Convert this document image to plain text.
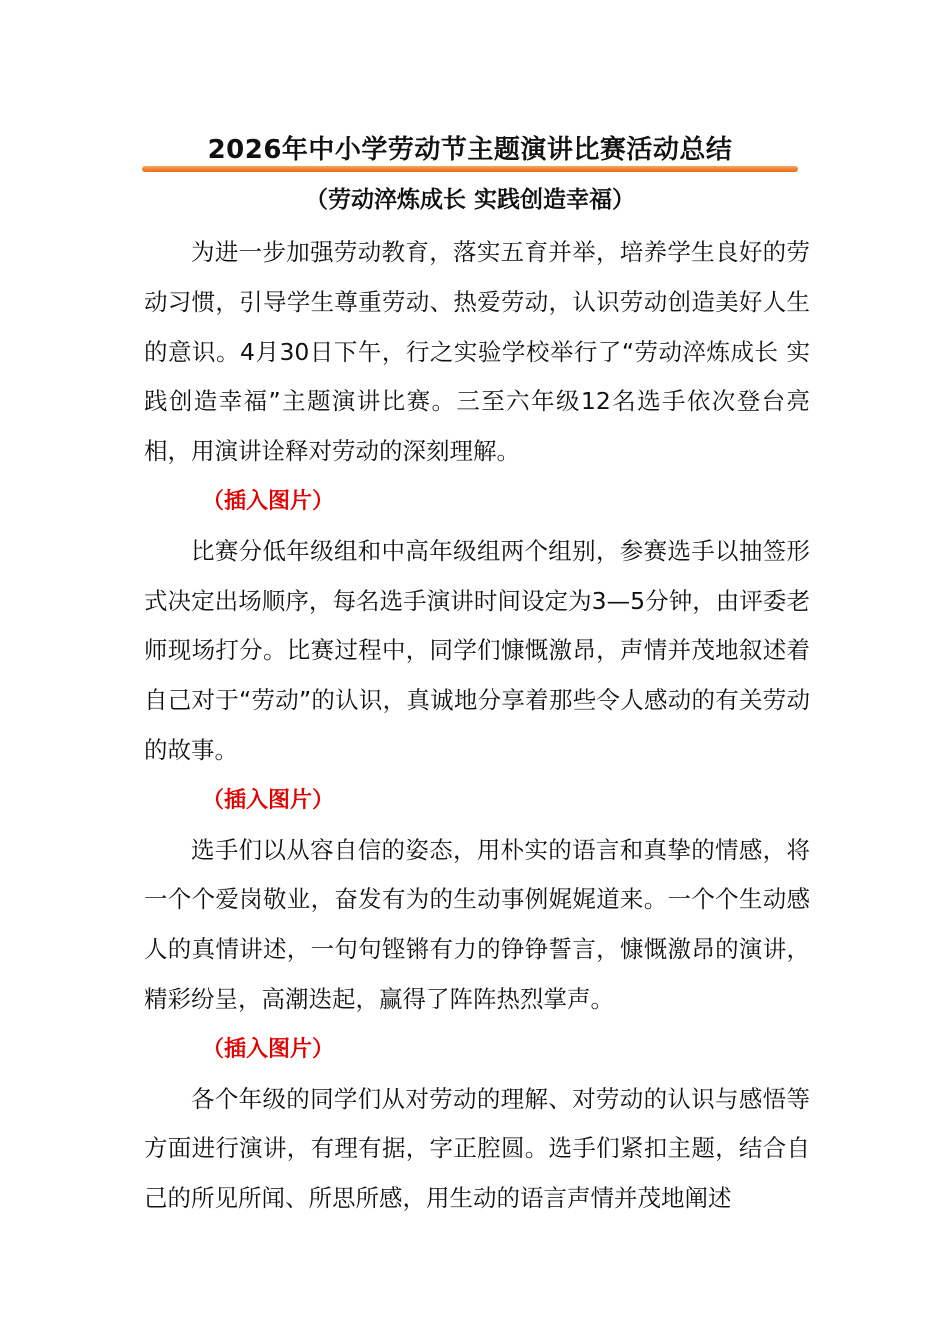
2026年中小学劳动节主题演讲比赛活动总结
（劳动淬炼成长 实践创造幸福）

为进一步加强劳动教育，落实五育并举，培养学生良好的劳动习惯，引导学生尊重劳动、热爱劳动，认识劳动创造美好人生的意识。4月30日下午，行之实验学校举行了“劳动淬炼成长 实践创造幸福”主题演讲比赛。三至六年级12名选手依次登台亮相，用演讲诠释对劳动的深刻理解。

（插入图片）

比赛分低年级组和中高年级组两个组别，参赛选手以抽签形式决定出场顺序，每名选手演讲时间设定为3—5分钟，由评委老师现场打分。比赛过程中，同学们慷慨激昂，声情并茂地叙述着自己对于“劳动”的认识，真诚地分享着那些令人感动的有关劳动的故事。

（插入图片）

选手们以从容自信的姿态，用朴实的语言和真挚的情感，将一个个爱岗敬业，奋发有为的生动事例娓娓道来。一个个生动感人的真情讲述，一句句铿锵有力的铮铮誓言，慷慨激昂的演讲，精彩纷呈，高潮迭起，赢得了阵阵热烈掌声。

（插入图片）

各个年级的同学们从对劳动的理解、对劳动的认识与感悟等方面进行演讲，有理有据，字正腔圆。选手们紧扣主题，结合自己的所见所闻、所思所感，用生动的语言声情并茂地阐述
